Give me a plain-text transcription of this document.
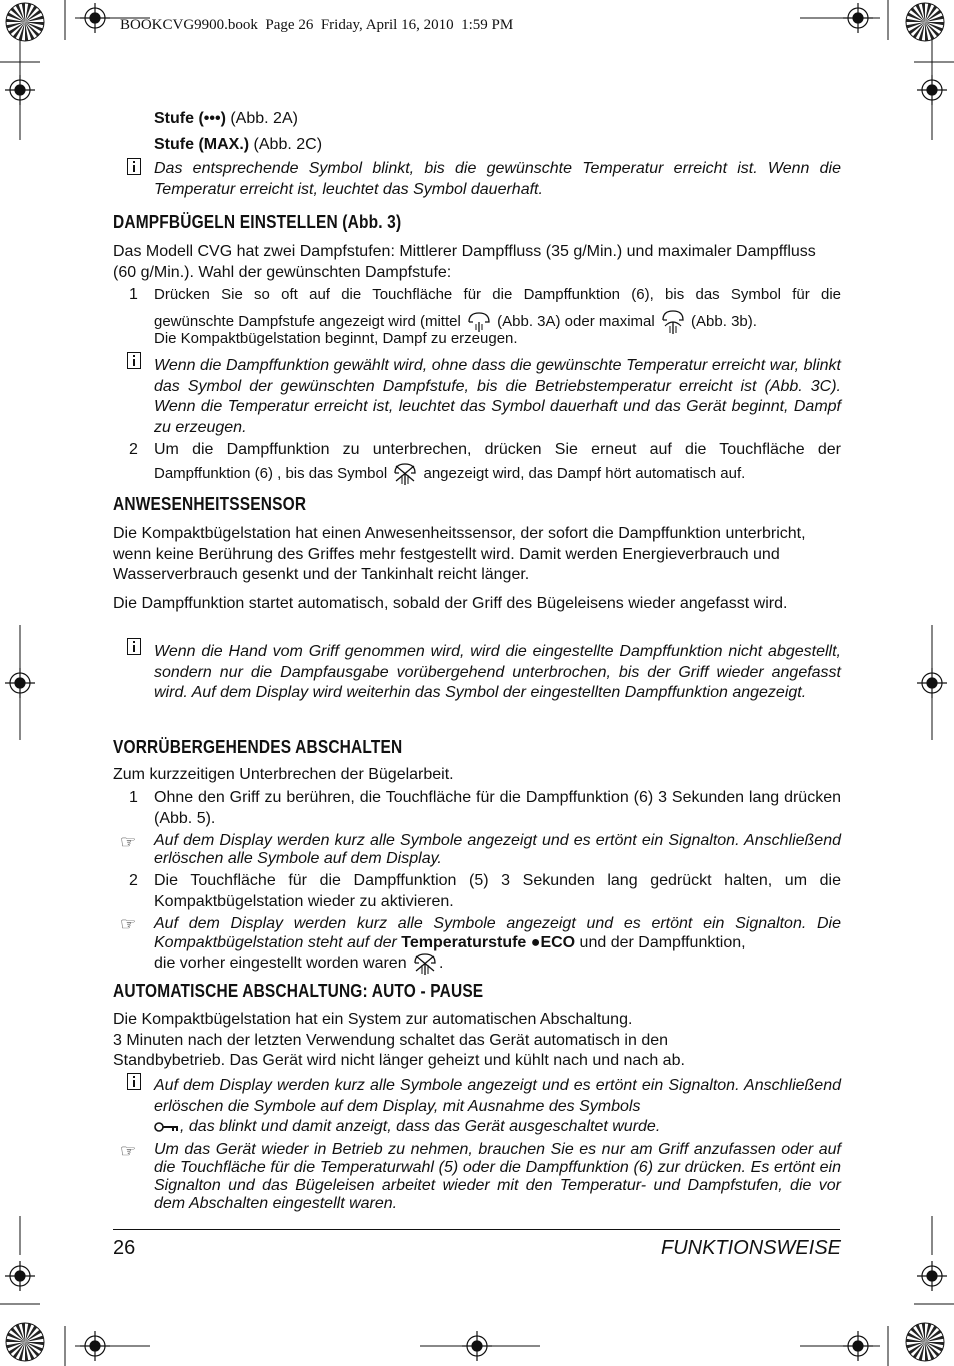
BOOKCVG9900.book  Page 26  Friday, April 16, 2010  1:59 PM
Stufe (•••) (Abb. 2A)
Stufe (MAX.) (Abb. 2C)
Das entsprechende Symbol blinkt, bis die gewünschte Temperatur erreicht ist. Wenn die Temperatur erreicht ist, leuchtet das Symbol dauerhaft.
DAMPFBÜGELN EINSTELLEN (Abb. 3)
Das Modell CVG hat zwei Dampfstufen: Mittlerer Dampffluss (35 g/Min.) und maximaler Dampffluss (60 g/Min.). Wahl der gewünschten Dampfstufe:
1 Drücken Sie so oft auf die Touchfläche für die Dampffunktion (6), bis das Symbol für die
gewünschte Dampfstufe angezeigt wird (mittel
(Abb. 3A) oder maximal
(Abb. 3b).
Die Kompaktbügelstation beginnt, Dampf zu erzeugen.
Wenn die Dampffunktion gewählt wird, ohne dass die gewünschte Temperatur erreicht war, blinkt das Symbol der gewünschten Dampfstufe, bis die Betriebstemperatur erreicht ist (Abb. 3C). Wenn die Temperatur erreicht ist, leuchtet das Symbol dauerhaft und das Gerät beginnt, Dampf zu erzeugen.
2 Um die Dampffunktion zu unterbrechen, drücken Sie erneut auf die Touchfläche der
Dampffunktion (6) , bis das Symbol
angezeigt wird, das Dampf hört automatisch auf.
ANWESENHEITSSENSOR
Die Kompaktbügelstation hat einen Anwesenheitssensor, der sofort die Dampffunktion unterbricht, wenn keine Berührung des Griffes mehr festgestellt wird. Damit werden Energieverbrauch und Wasserverbrauch gesenkt und der Tankinhalt reicht länger.
Die Dampffunktion startet automatisch, sobald der Griff des Bügeleisens wieder angefasst wird.
Wenn die Hand vom Griff genommen wird, wird die eingestellte Dampffunktion nicht abgestellt, sondern nur die Dampfausgabe vorübergehend unterbrochen, bis der Griff wieder angefasst wird. Auf dem Display wird weiterhin das Symbol der eingestellten Dampffunktion angezeigt.
VORRÜBERGEHENDES ABSCHALTEN
Zum kurzzeitigen Unterbrechen der Bügelarbeit.
1 Ohne den Griff zu berühren, die Touchfläche für die Dampffunktion (6) 3 Sekunden lang drücken (Abb. 5).
☞ Auf dem Display werden kurz alle Symbole angezeigt und es ertönt ein Signalton. Anschließend erlöschen alle Symbole auf dem Display.
2 Die Touchfläche für die Dampffunktion (5) 3 Sekunden lang gedrückt halten, um die Kompaktbügelstation wieder zu aktivieren.
☞ Auf dem Display werden kurz alle Symbole angezeigt und es ertönt ein Signalton. Die Kompaktbügelstation steht auf der Temperaturstufe ●ECO und der Dampffunktion,
die vorher eingestellt worden waren
.
AUTOMATISCHE ABSCHALTUNG: AUTO - PAUSE
Die Kompaktbügelstation hat ein System zur automatischen Abschaltung.
3 Minuten nach der letzten Verwendung schaltet das Gerät automatisch in den
Standbybetrieb. Das Gerät wird nicht länger geheizt und kühlt nach und nach ab.
Auf dem Display werden kurz alle Symbole angezeigt und es ertönt ein Signalton. Anschließend erlöschen die Symbole auf dem Display, mit Ausnahme des Symbols
, das blinkt und damit anzeigt, dass das Gerät ausgeschaltet wurde.
☞ Um das Gerät wieder in Betrieb zu nehmen, brauchen Sie es nur am Griff anzufassen oder auf die Touchfläche für die Temperaturwahl (5) oder die Dampffunktion (6) zur drücken. Es ertönt ein Signalton und das Bügeleisen arbeitet wieder mit den Temperatur- und Dampfstufen, die vor dem Abschalten eingestellt waren.
26	FUNKTIONSWEISE
